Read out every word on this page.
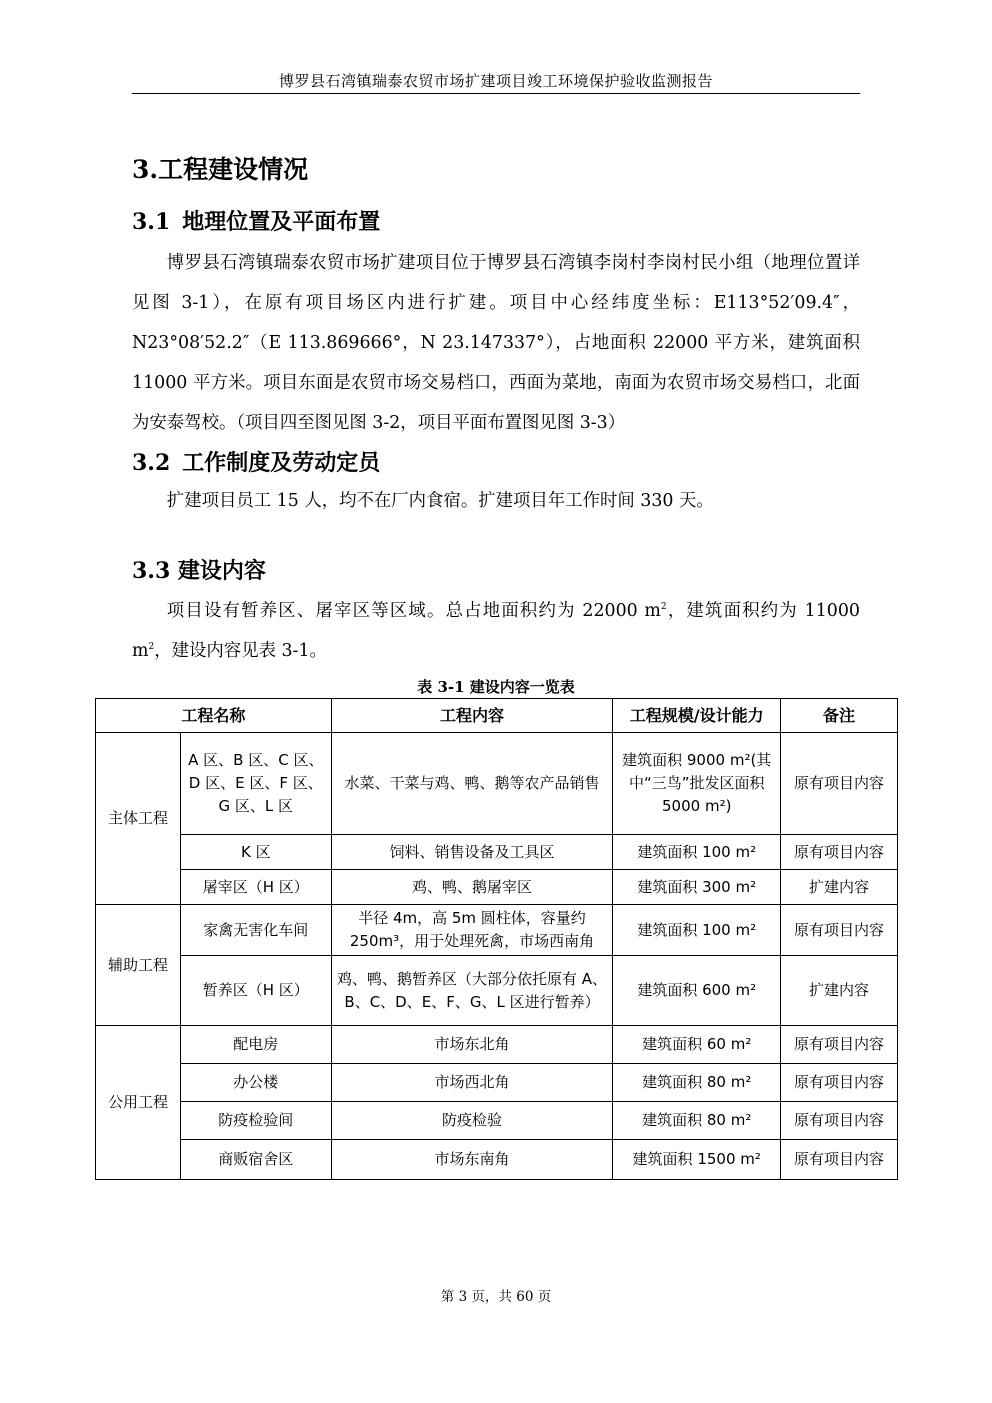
博罗县石湾镇瑞泰农贸市场扩建项目竣工环境保护验收监测报告
3.工程建设情况
3.1 地理位置及平面布置

博罗县石湾镇瑞泰农贸市场扩建项目位于博罗县石湾镇李岗村李岗村民小组（地理位置详见图 3-1），在原有项目场区内进行扩建。项目中心经纬度坐标：E113°52′09.4″，N23°08′52.2″（E 113.869666°，N 23.147337°），占地面积 22000 平方米，建筑面积 11000 平方米。项目东面是农贸市场交易档口，西面为菜地，南面为农贸市场交易档口，北面为安泰驾校。（项目四至图见图 3-2，项目平面布置图见图 3-3）

3.2 工作制度及劳动定员

扩建项目员工 15 人，均不在厂内食宿。扩建项目年工作时间 330 天。

3.3 建设内容

项目设有暂养区、屠宰区等区域。总占地面积约为 22000 $m^2$，建筑面积约为 11000 $m^2$，建设内容见表 3-1。

表 3-1 建设内容一览表
工程名称		工程内容	工程规模/设计能力	备注
主体工程	A 区、B 区、C 区、D 区、E 区、F 区、G 区、L 区	水菜、干菜与鸡、鸭、鹅等农产品销售	建筑面积 9000 m²(其中“三鸟”批发区面积 5000 m²)	原有项目内容
	K 区	饲料、销售设备及工具区	建筑面积 100 m²	原有项目内容
	屠宰区（H 区）	鸡、鸭、鹅屠宰区	建筑面积 300 m²	扩建内容
辅助工程	家禽无害化车间	半径 4m，高 5m 圆柱体，容量约 250m³，用于处理死禽，市场西南角	建筑面积 100 m²	原有项目内容
	暂养区（H 区）	鸡、鸭、鹅暂养区（大部分依托原有 A、B、C、D、E、F、G、L 区进行暂养）	建筑面积 600 m²	扩建内容
公用工程	配电房	市场东北角	建筑面积 60 m²	原有项目内容
	办公楼	市场西北角	建筑面积 80 m²	原有项目内容
	防疫检验间	防疫检验	建筑面积 80 m²	原有项目内容
	商贩宿舍区	市场东南角	建筑面积 1500 m²	原有项目内容
第 3 页，共 60 页
